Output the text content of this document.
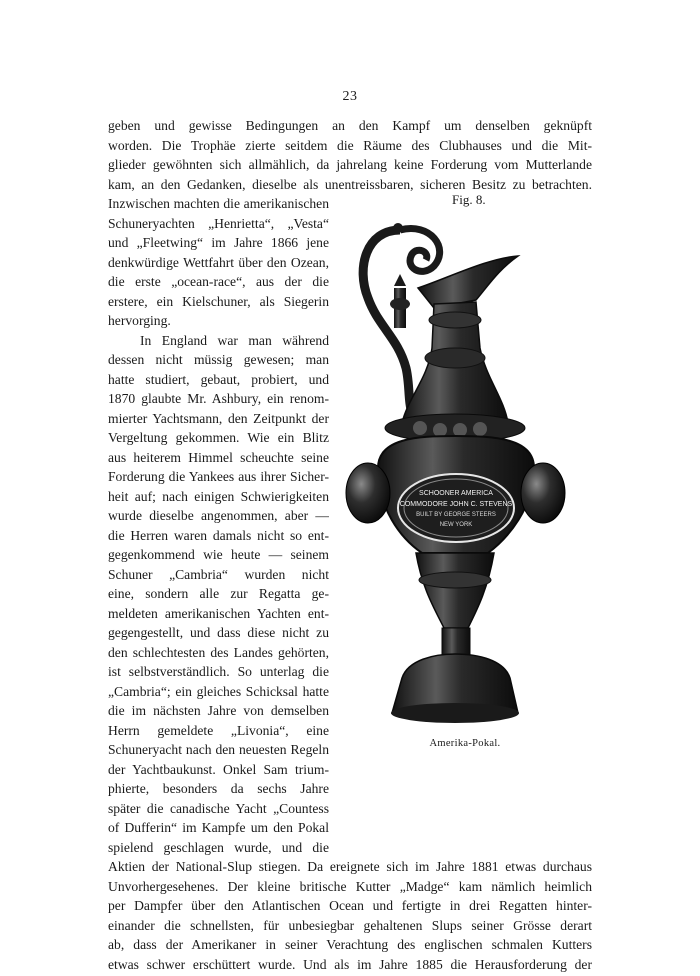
23
geben und gewisse Bedingungen an den Kampf um denselben geknüpft
worden. Die Trophäe zierte seitdem die Räume des Clubhauses und die Mit-
glieder gewöhnten sich allmählich, da jahrelang keine Forderung vom Mutterlande
kam, an den Gedanken, dieselbe als unentreissbaren, sicheren Besitz zu betrachten.
Inzwischen machten die amerikanischen
Schuneryachten „Henrietta“, „Vesta“
und „Fleetwing“ im Jahre 1866 jene
denkwürdige Wettfahrt über den Ozean,
die erste „ocean-race“, aus der die
erstere, ein Kielschuner, als Siegerin
hervorging.
In England war man während
dessen nicht müssig gewesen; man
hatte studiert, gebaut, probiert, und
1870 glaubte Mr. Ashbury, ein renom-
mierter Yachtsmann, den Zeitpunkt der
Vergeltung gekommen. Wie ein Blitz
aus heiterem Himmel scheuchte seine
Forderung die Yankees aus ihrer Sicher-
heit auf; nach einigen Schwierigkeiten
wurde dieselbe angenommen, aber —
die Herren waren damals nicht so ent-
gegenkommend wie heute — seinem
Schuner „Cambria“ wurden nicht
eine, sondern alle zur Regatta ge-
meldeten amerikanischen Yachten ent-
gegengestellt, und dass diese nicht zu
den schlechtesten des Landes gehörten,
ist selbstverständlich. So unterlag die
„Cambria“; ein gleiches Schicksal hatte
die im nächsten Jahre von demselben
Herrn gemeldete „Livonia“, eine
Schuneryacht nach den neuesten Regeln
der Yachtbaukunst. Onkel Sam trium-
phierte, besonders da sechs Jahre
später die canadische Yacht „Countess
of Dufferin“ im Kampfe um den Pokal
spielend geschlagen wurde, und die
Aktien der National-Slup stiegen. Da ereignete sich im Jahre 1881 etwas durchaus
Unvorhergesehenes. Der kleine britische Kutter „Madge“ kam nämlich heimlich
per Dampfer über den Atlantischen Ocean und fertigte in drei Regatten hinter-
einander die schnellsten, für unbesiegbar gehaltenen Slups seiner Grösse derart
ab, dass der Amerikaner in seiner Verachtung des englischen schmalen Kutters
etwas schwer erschüttert wurde. Und als im Jahre 1885 die Herausforderung der
Fig. 8.
SCHOONER AMERICA
COMMODORE JOHN C. STEVENS
BUILT BY GEORGE STEERS
NEW YORK
Amerika-Pokal.
